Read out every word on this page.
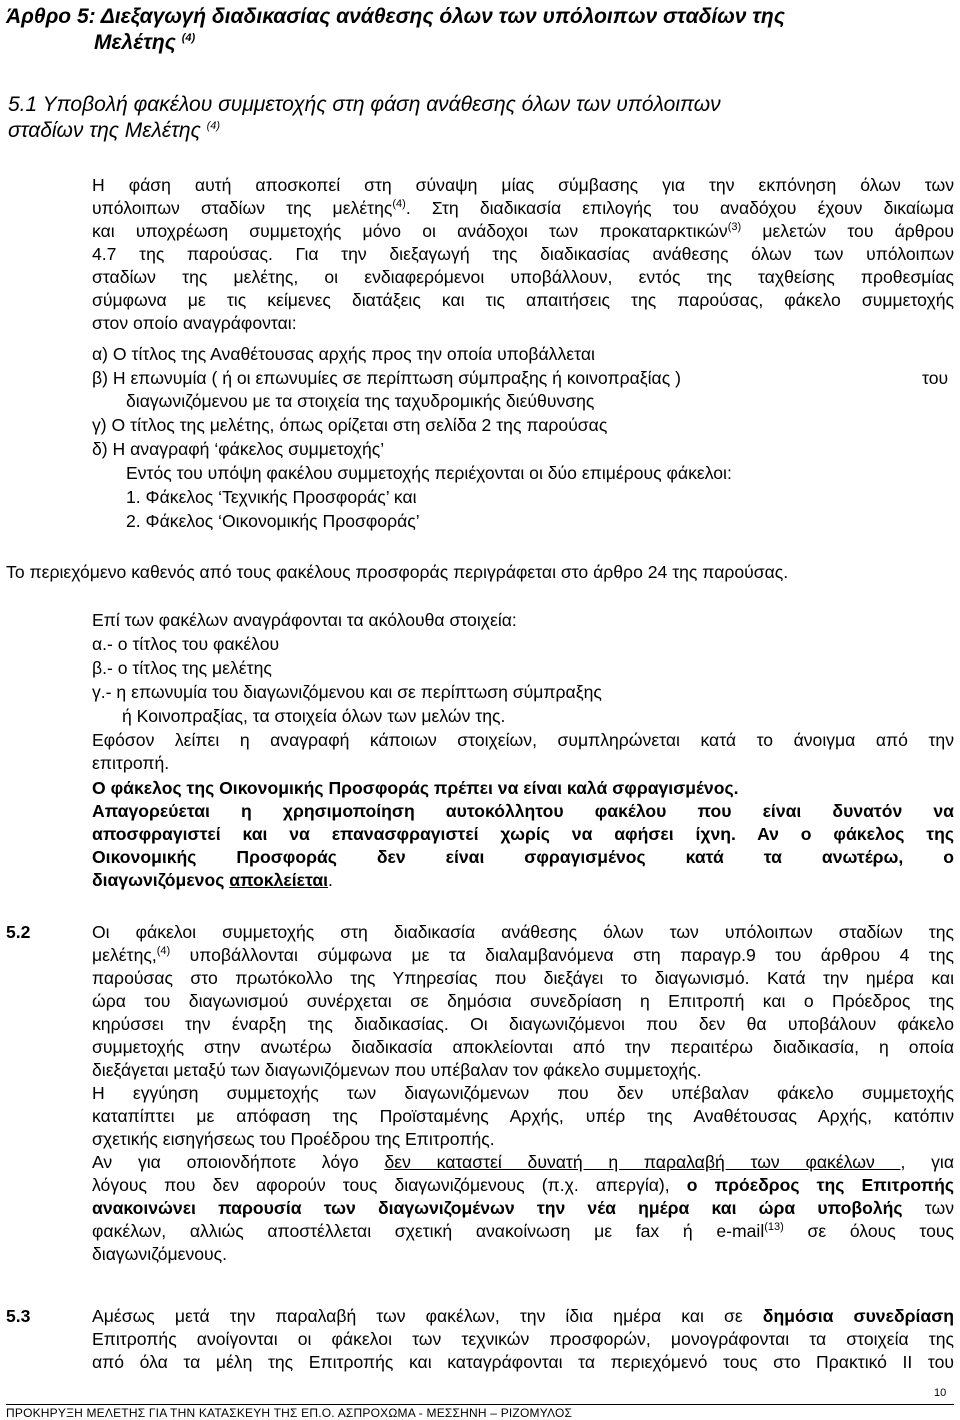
Άρθρο 5: Διεξαγωγή διαδικασίας ανάθεσης όλων των υπόλοιπων σταδίων της
Μελέτης $^{(4)}$
5.1 Υποβολή φακέλου συμμετοχής στη φάση ανάθεσης όλων των υπόλοιπων
σταδίων της Μελέτης $^{(4)}$
Η φάση αυτή αποσκοπεί στη σύναψη μίας σύμβασης για την εκπόνηση όλων των
υπόλοιπων σταδίων της μελέτης$^{(4)}$. Στη διαδικασία επιλογής του αναδόχου έχουν δικαίωμα
και υποχρέωση συμμετοχής μόνο οι ανάδοχοι των προκαταρκτικών$^{(3)}$ μελετών του άρθρου
4.7 της παρούσας. Για την διεξαγωγή της διαδικασίας ανάθεσης όλων των υπόλοιπων
σταδίων της μελέτης, οι ενδιαφερόμενοι υποβάλλουν, εντός της ταχθείσης προθεσμίας
σύμφωνα με τις κείμενες διατάξεις και τις απαιτήσεις της παρούσας, φάκελο συμμετοχής
στον οποίο αναγράφονται:
α) Ο τίτλος της Αναθέτουσας αρχής προς την οποία υποβάλλεται
β) Η επωνυμία ( ή οι επωνυμίες σε περίπτωση σύμπραξης ή κοινοπραξίας )	του
διαγωνιζόμενου με τα στοιχεία της ταχυδρομικής διεύθυνσης
γ) Ο τίτλος της μελέτης, όπως ορίζεται στη σελίδα 2 της παρούσας
δ) Η αναγραφή ‘φάκελος συμμετοχής’
Εντός του υπόψη φακέλου συμμετοχής περιέχονται οι δύο επιμέρους φάκελοι:
1. Φάκελος ‘Τεχνικής Προσφοράς’ και
2. Φάκελος ‘Οικονομικής Προσφοράς’
Το περιεχόμενο καθενός από τους φακέλους προσφοράς περιγράφεται στο άρθρο 24 της παρούσας.
Επί των φακέλων αναγράφονται τα ακόλουθα στοιχεία:
α.- ο τίτλος του φακέλου
β.- ο τίτλος της μελέτης
γ.- η επωνυμία του διαγωνιζόμενου και σε περίπτωση σύμπραξης
ή Κοινοπραξίας, τα στοιχεία όλων των μελών της.
Εφόσον λείπει η αναγραφή κάποιων στοιχείων, συμπληρώνεται κατά το άνοιγμα από την
επιτροπή.
Ο φάκελος της Οικονομικής Προσφοράς πρέπει να είναι καλά σφραγισμένος.
Απαγορεύεται η χρησιμοποίηση αυτοκόλλητου φακέλου που είναι δυνατόν να
αποσφραγιστεί και να επανασφραγιστεί χωρίς να αφήσει ίχνη. Αν ο φάκελος της
Οικονομικής Προσφοράς δεν είναι σφραγισμένος κατά τα ανωτέρω, ο
διαγωνιζόμενος αποκλείεται.
5.2	Οι φάκελοι συμμετοχής στη διαδικασία ανάθεσης όλων των υπόλοιπων σταδίων της
μελέτης,$^{(4)}$ υποβάλλονται σύμφωνα με τα διαλαμβανόμενα στη παραγρ.9 του άρθρου 4 της
παρούσας στο πρωτόκολλο της Υπηρεσίας που διεξάγει το διαγωνισμό. Κατά την ημέρα και
ώρα του διαγωνισμού συνέρχεται σε δημόσια συνεδρίαση η Επιτροπή και ο Πρόεδρος της
κηρύσσει την έναρξη της διαδικασίας. Οι διαγωνιζόμενοι που δεν θα υποβάλουν φάκελο
συμμετοχής στην ανωτέρω διαδικασία αποκλείονται από την περαιτέρω διαδικασία, η οποία
διεξάγεται μεταξύ των διαγωνιζόμενων που υπέβαλαν τον φάκελο συμμετοχής.
Η εγγύηση συμμετοχής των διαγωνιζόμενων που δεν υπέβαλαν φάκελο συμμετοχής
καταπίπτει με απόφαση της Προϊσταμένης Αρχής, υπέρ της Αναθέτουσας Αρχής, κατόπιν
σχετικής εισηγήσεως του Προέδρου της Επιτροπής.
Αν για οποιονδήποτε λόγο δεν καταστεί δυνατή η παραλαβή των φακέλων , για
λόγους που δεν αφορούν τους διαγωνιζόμενους (π.χ. απεργία), ο πρόεδρος της Επιτροπής
ανακοινώνει παρουσία των διαγωνιζομένων την νέα ημέρα και ώρα υποβολής των
φακέλων, αλλιώς αποστέλλεται σχετική ανακοίνωση με fax ή e-mail$^{(13)}$ σε όλους τους
διαγωνιζόμενους.
5.3	Αμέσως μετά την παραλαβή των φακέλων, την ίδια ημέρα και σε δημόσια συνεδρίαση
Επιτροπής ανοίγονται οι φάκελοι των τεχνικών προσφορών, μονογράφονται τα στοιχεία της
από όλα τα μέλη της Επιτροπής και καταγράφονται τα περιεχόμενό τους στο Πρακτικό ΙΙ του
ΠΡΟΚΗΡΥΞΗ ΜΕΛΕΤΗΣ ΓΙΑ ΤΗΝ ΚΑΤΑΣΚΕΥΗ ΤΗΣ ΕΠ.Ο. ΑΣΠΡΟΧΩΜΑ - ΜΕΣΣΗΝΗ – ΡΙΖΟΜΥΛΟΣ
10
